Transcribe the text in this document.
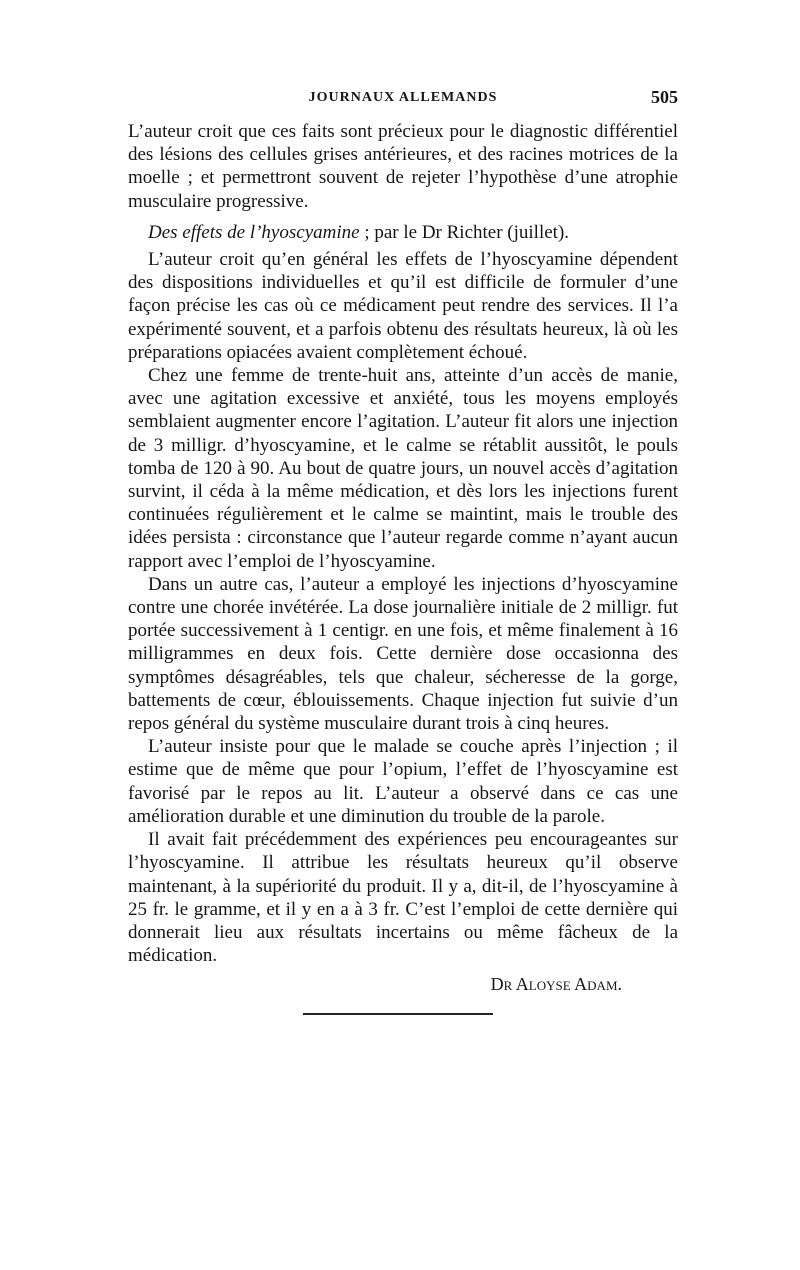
JOURNAUX ALLEMANDS	505

L’auteur croit que ces faits sont précieux pour le diagnostic différentiel des lésions des cellules grises antérieures, et des racines motrices de la moelle ; et permettront souvent de rejeter l’hypothèse d’une atrophie musculaire progressive.

Des effets de l’hyoscyamine ; par le Dr Richter (juillet).

L’auteur croit qu’en général les effets de l’hyoscyamine dépendent des dispositions individuelles et qu’il est difficile de formuler d’une façon précise les cas où ce médicament peut rendre des services. Il l’a expérimenté souvent, et a parfois obtenu des résultats heureux, là où les préparations opiacées avaient complètement échoué.

Chez une femme de trente-huit ans, atteinte d’un accès de manie, avec une agitation excessive et anxiété, tous les moyens employés semblaient augmenter encore l’agitation. L’auteur fit alors une injection de 3 milligr. d’hyoscyamine, et le calme se rétablit aussitôt, le pouls tomba de 120 à 90. Au bout de quatre jours, un nouvel accès d’agitation survint, il céda à la même médication, et dès lors les injections furent continuées régulièrement et le calme se maintint, mais le trouble des idées persista : circonstance que l’auteur regarde comme n’ayant aucun rapport avec l’emploi de l’hyoscyamine.

Dans un autre cas, l’auteur a employé les injections d’hyoscyamine contre une chorée invétérée. La dose journalière initiale de 2 milligr. fut portée successivement à 1 centigr. en une fois, et même finalement à 16 milligrammes en deux fois. Cette dernière dose occasionna des symptômes désagréables, tels que chaleur, sécheresse de la gorge, battements de cœur, éblouissements. Chaque injection fut suivie d’un repos général du système musculaire durant trois à cinq heures.

L’auteur insiste pour que le malade se couche après l’injection ; il estime que de même que pour l’opium, l’effet de l’hyoscyamine est favorisé par le repos au lit. L’auteur a observé dans ce cas une amélioration durable et une diminution du trouble de la parole.

Il avait fait précédemment des expériences peu encourageantes sur l’hyoscyamine. Il attribue les résultats heureux qu’il observe maintenant, à la supériorité du produit. Il y a, dit-il, de l’hyoscyamine à 25 fr. le gramme, et il y en a à 3 fr. C’est l’emploi de cette dernière qui donnerait lieu aux résultats incertains ou même fâcheux de la médication.

Dr Aloyse Adam.
